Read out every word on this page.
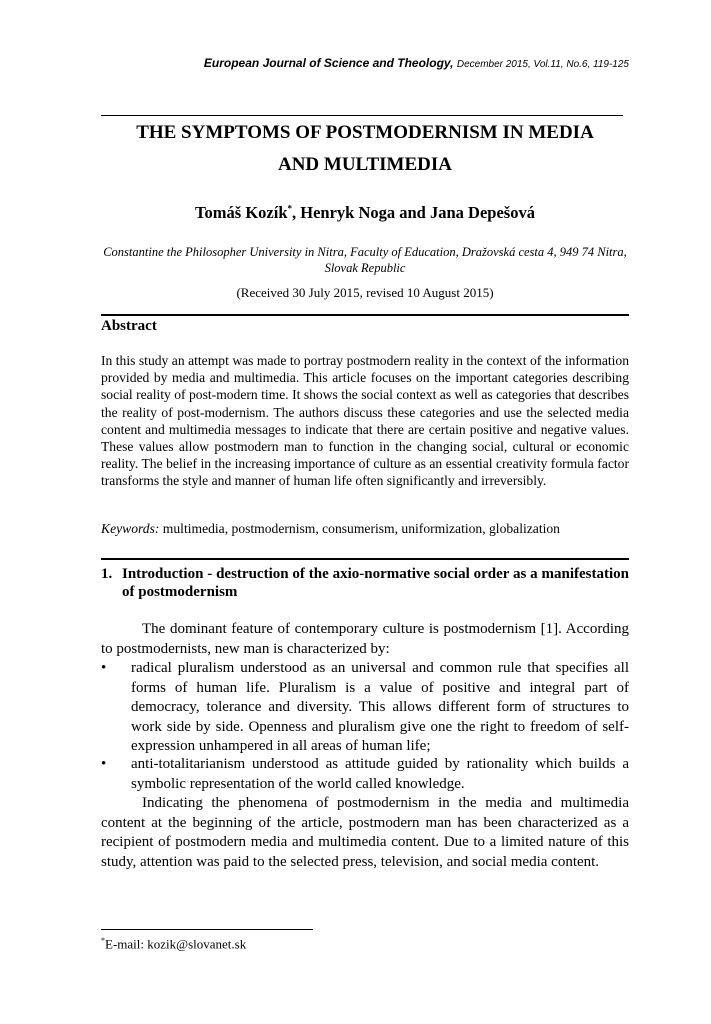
European Journal of Science and Theology, December 2015, Vol.11, No.6, 119-125
THE SYMPTOMS OF POSTMODERNISM IN MEDIA
AND MULTIMEDIA
Tomáš Kozík*, Henryk Noga and Jana Depešová
Constantine the Philosopher University in Nitra, Faculty of Education, Dražovská cesta 4, 949 74 Nitra, Slovak Republic
(Received 30 July 2015, revised 10 August 2015)
Abstract
In this study an attempt was made to portray postmodern reality in the context of the information provided by media and multimedia. This article focuses on the important categories describing social reality of post-modern time. It shows the social context as well as categories that describes the reality of post-modernism. The authors discuss these categories and use the selected media content and multimedia messages to indicate that there are certain positive and negative values. These values allow postmodern man to function in the changing social, cultural or economic reality. The belief in the increasing importance of culture as an essential creativity formula factor transforms the style and manner of human life often significantly and irreversibly.
Keywords: multimedia, postmodernism, consumerism, uniformization, globalization
1. Introduction - destruction of the axio-normative social order as a manifestation of postmodernism
The dominant feature of contemporary culture is postmodernism [1]. According to postmodernists, new man is characterized by:
• radical pluralism understood as an universal and common rule that specifies all forms of human life. Pluralism is a value of positive and integral part of democracy, tolerance and diversity. This allows different form of structures to work side by side. Openness and pluralism give one the right to freedom of self-expression unhampered in all areas of human life;
• anti-totalitarianism understood as attitude guided by rationality which builds a symbolic representation of the world called knowledge.
Indicating the phenomena of postmodernism in the media and multimedia content at the beginning of the article, postmodern man has been characterized as a recipient of postmodern media and multimedia content. Due to a limited nature of this study, attention was paid to the selected press, television, and social media content.
*E-mail: kozik@slovanet.sk
